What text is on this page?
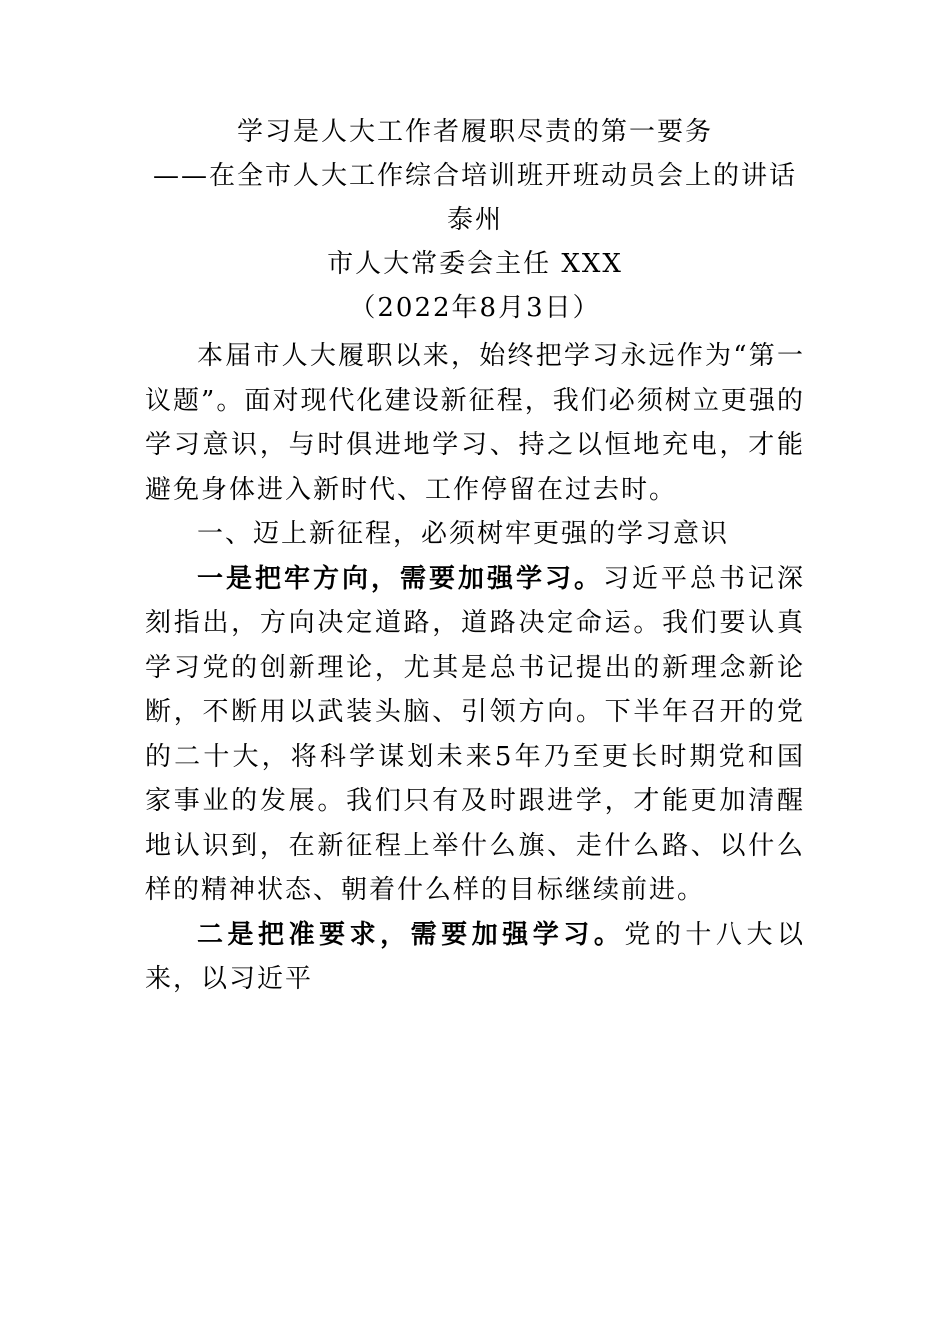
学习是人大工作者履职尽责的第一要务

——在全市人大工作综合培训班开班动员会上的讲话泰州

市人大常委会主任 XXX

（2022年8月3日）

本届市人大履职以来，始终把学习永远作为“第一议题”。面对现代化建设新征程，我们必须树立更强的学习意识，与时俱进地学习、持之以恒地充电，才能避免身体进入新时代、工作停留在过去时。

一、迈上新征程，必须树牢更强的学习意识

一是把牢方向，需要加强学习。习近平总书记深刻指出，方向决定道路，道路决定命运。我们要认真学习党的创新理论，尤其是总书记提出的新理念新论断，不断用以武装头脑、引领方向。下半年召开的党的二十大，将科学谋划未来5年乃至更长时期党和国家事业的发展。我们只有及时跟进学，才能更加清醒地认识到，在新征程上举什么旗、走什么路、以什么样的精神状态、朝着什么样的目标继续前进。

二是把准要求，需要加强学习。党的十八大以来，以习近平
